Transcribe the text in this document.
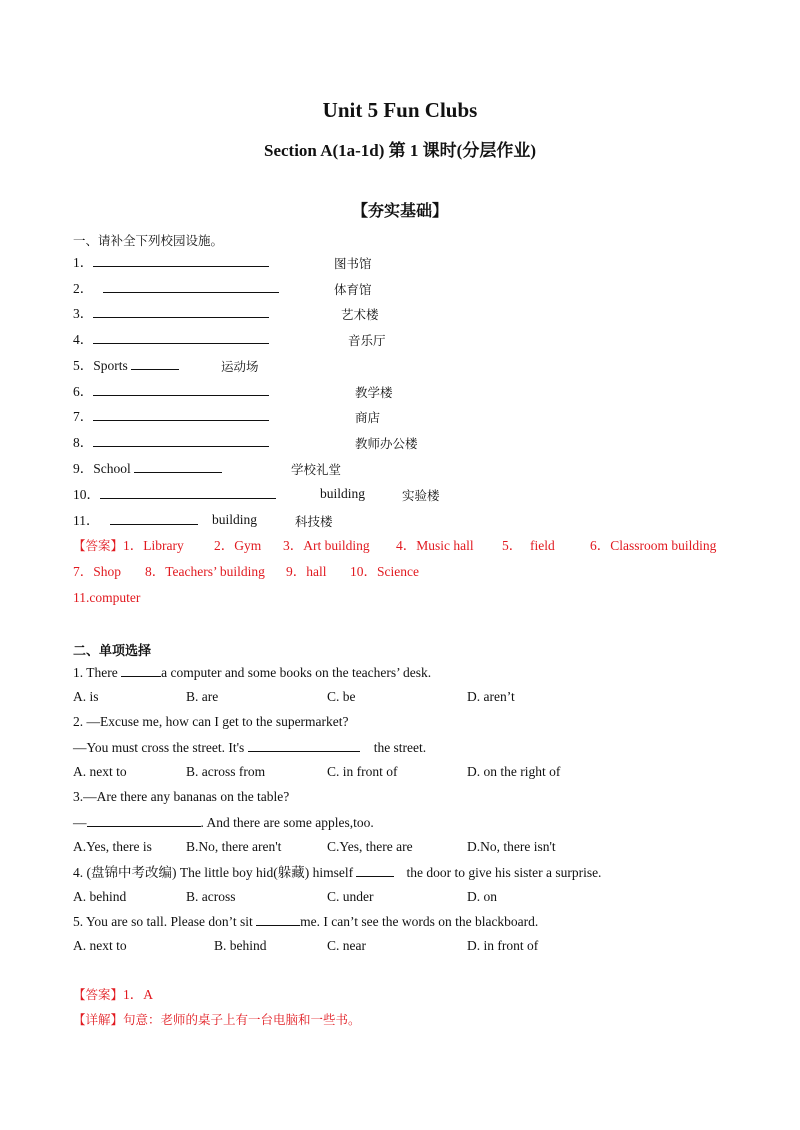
Unit 5 Fun Clubs
Section A(1a-1d) 第 1 课时(分层作业)
【夯实基础】
一、请补全下列校园设施。
1．	图书馆
2．	体育馆
3．	艺术楼
4．	音乐厅
5．Sports	运动场
6．	教学楼
7．	商店
8．	教师办公楼
9．School	学校礼堂
10．	building	实验楼
11．	building	科技楼
【答案】1．Library 2．Gym 3．Art building 4．Music hall 5． field	6．Classroom building
7．Shop 8．Teachers’ building 9．hall 10．Science
11.computer
二、单项选择
1. There	a computer and some books on the teachers’ desk.
A. is	B. are	C. be	D. aren’t
2. —Excuse me, how can I get to the supermarket?
—You must cross the street. It's	the street.
A. next to	B. across from	C. in front of	D. on the right of
3.—Are there any bananas on the table?
—	. And there are some apples,too.
A.Yes, there is	B.No, there aren't	C.Yes, there are	D.No, there isn't
4. (盘锦中考改编) The little boy hid(躲藏) himself	the door to give his sister a surprise.
A. behind	B. across	C. under	D. on
5. You are so tall. Please don’t sit	me. I can’t see the words on the blackboard.
A. next to	B. behind	C. near	D. in front of
【答案】1．A
【详解】句意：老师的桌子上有一台电脑和一些书。
